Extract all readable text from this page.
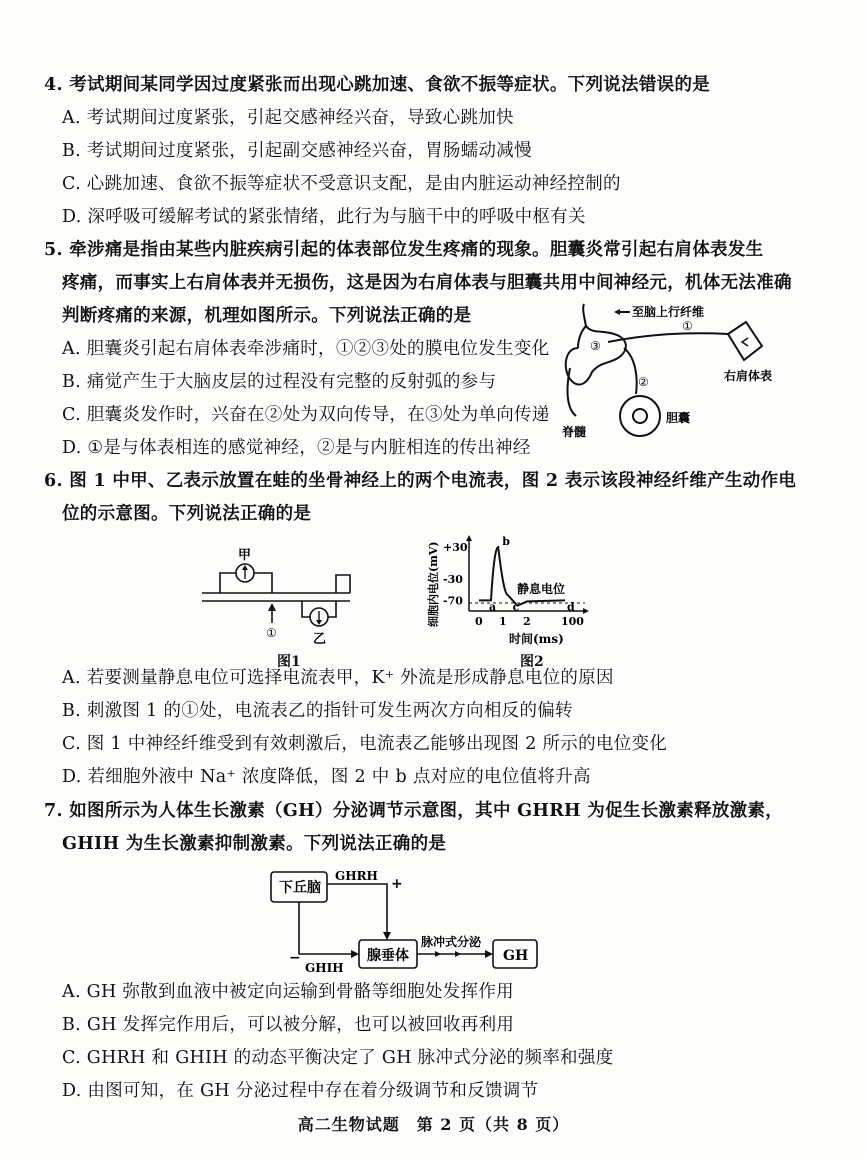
4. 考试期间某同学因过度紧张而出现心跳加速、食欲不振等症状。下列说法错误的是
A. 考试期间过度紧张，引起交感神经兴奋，导致心跳加快
B. 考试期间过度紧张，引起副交感神经兴奋，胃肠蠕动减慢
C. 心跳加速、食欲不振等症状不受意识支配，是由内脏运动神经控制的
D. 深呼吸可缓解考试的紧张情绪，此行为与脑干中的呼吸中枢有关
5. 牵涉痛是指由某些内脏疾病引起的体表部位发生疼痛的现象。胆囊炎常引起右肩体表发生
疼痛，而事实上右肩体表并无损伤，这是因为右肩体表与胆囊共用中间神经元，机体无法准确
判断疼痛的来源，机理如图所示。下列说法正确的是
A. 胆囊炎引起右肩体表牵涉痛时，①②③处的膜电位发生变化
B. 痛觉产生于大脑皮层的过程没有完整的反射弧的参与
C. 胆囊炎发作时，兴奋在②处为双向传导，在③处为单向传递
D. ①是与体表相连的感觉神经，②是与内脏相连的传出神经
至脑上行纤维
右肩体表
脊髓
胆囊
①
②
③
6. 图 1 中甲、乙表示放置在蛙的坐骨神经上的两个电流表，图 2 表示该段神经纤维产生动作电
位的示意图。下列说法正确的是
甲
乙
①
图1
细胞内电位(mV) +30
-30
-70
0 1 2	100
a
b
c	d
静息电位
时间(ms)
图2
A. 若要测量静息电位可选择电流表甲，K⁺ 外流是形成静息电位的原因
B. 刺激图 1 的①处，电流表乙的指针可发生两次方向相反的偏转
C. 图 1 中神经纤维受到有效刺激后，电流表乙能够出现图 2 所示的电位变化
D. 若细胞外液中 Na⁺ 浓度降低，图 2 中 b 点对应的电位值将升高
7. 如图所示为人体生长激素（GH）分泌调节示意图，其中 GHRH 为促生长激素释放激素，
GHIH 为生长激素抑制激素。下列说法正确的是
下丘脑
腺垂体	GH
GHRH
GHIH
脉冲式分泌
+
−
A. GH 弥散到血液中被定向运输到骨骼等细胞处发挥作用
B. GH 发挥完作用后，可以被分解，也可以被回收再利用
C. GHRH 和 GHIH 的动态平衡决定了 GH 脉冲式分泌的频率和强度
D. 由图可知，在 GH 分泌过程中存在着分级调节和反馈调节
高二生物试题　第 2 页（共 8 页）
